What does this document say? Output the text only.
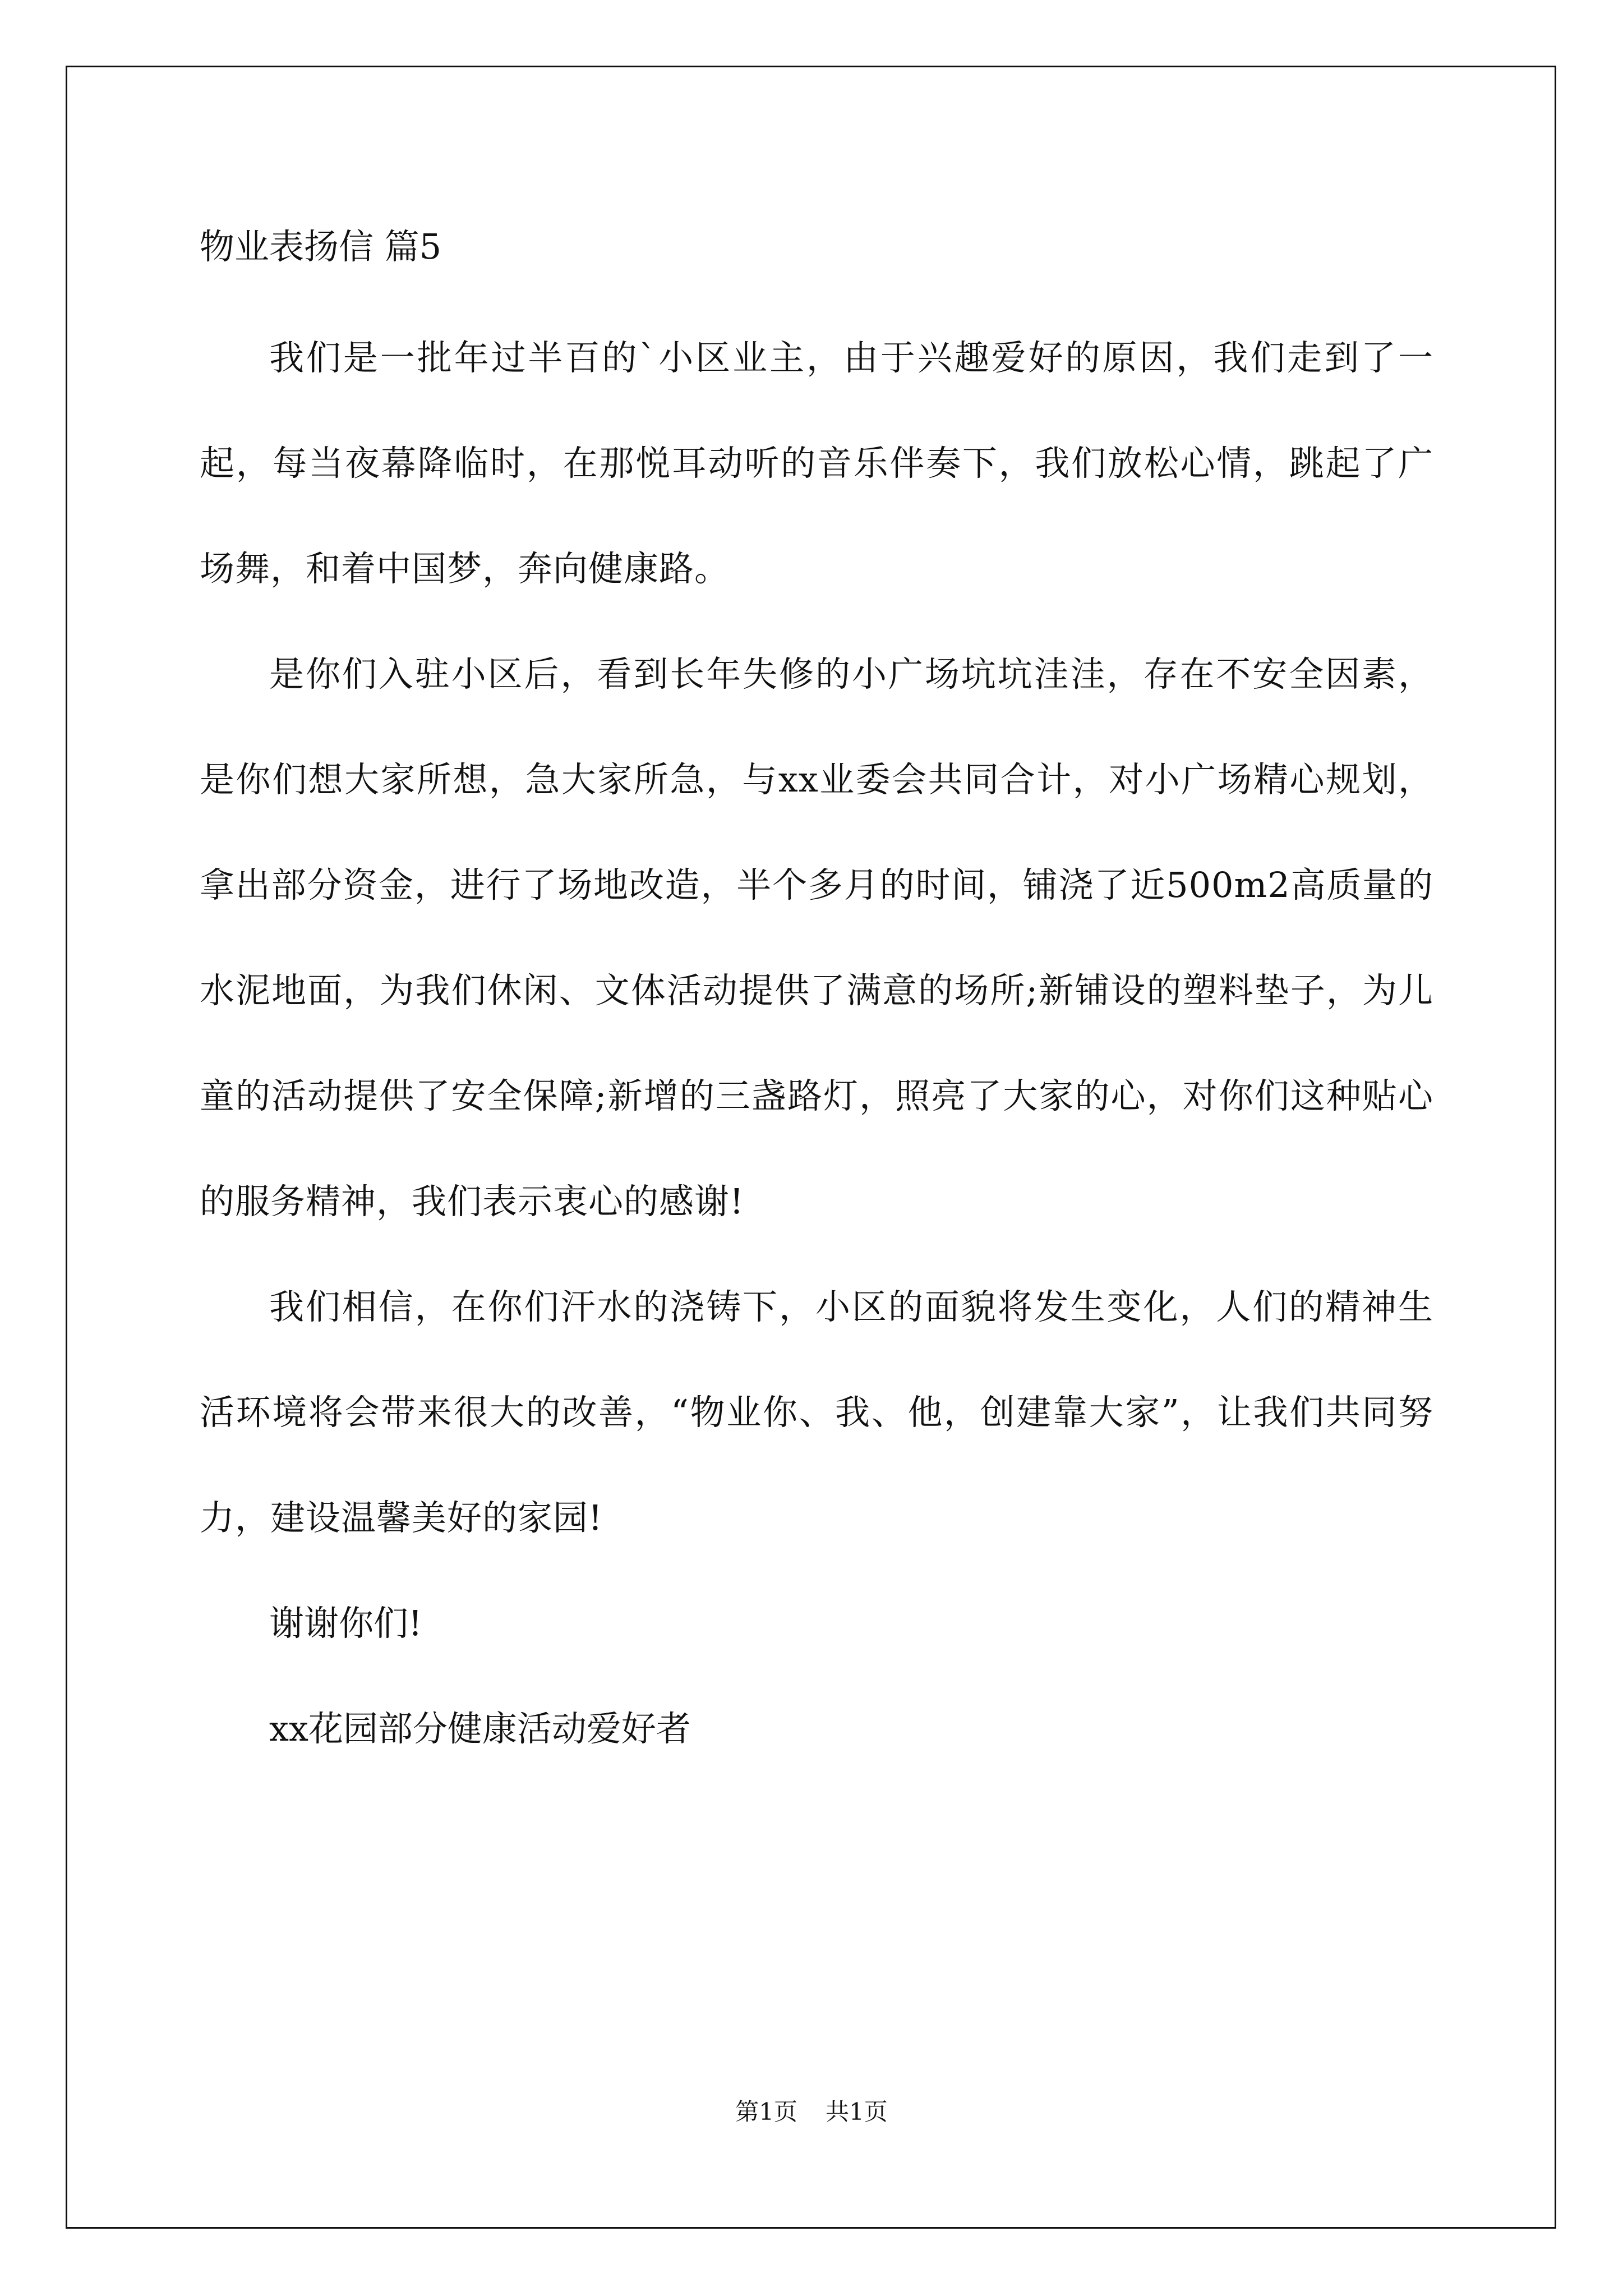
物业表扬信 篇5

我们是一批年过半百的`小区业主，由于兴趣爱好的原因，我们走到了一起，每当夜幕降临时，在那悦耳动听的音乐伴奏下，我们放松心情，跳起了广场舞，和着中国梦，奔向健康路。

是你们入驻小区后，看到长年失修的小广场坑坑洼洼，存在不安全因素，是你们想大家所想，急大家所急，与xx业委会共同合计，对小广场精心规划，拿出部分资金，进行了场地改造，半个多月的时间，铺浇了近500m2高质量的水泥地面，为我们休闲、文体活动提供了满意的场所;新铺设的塑料垫子，为儿童的活动提供了安全保障;新增的三盏路灯，照亮了大家的心，对你们这种贴心的服务精神，我们表示衷心的感谢!

我们相信，在你们汗水的浇铸下，小区的面貌将发生变化，人们的精神生活环境将会带来很大的改善，“物业你、我、他，创建靠大家”，让我们共同努力，建设温馨美好的家园!

谢谢你们!

xx花园部分健康活动爱好者

第1页 共1页
